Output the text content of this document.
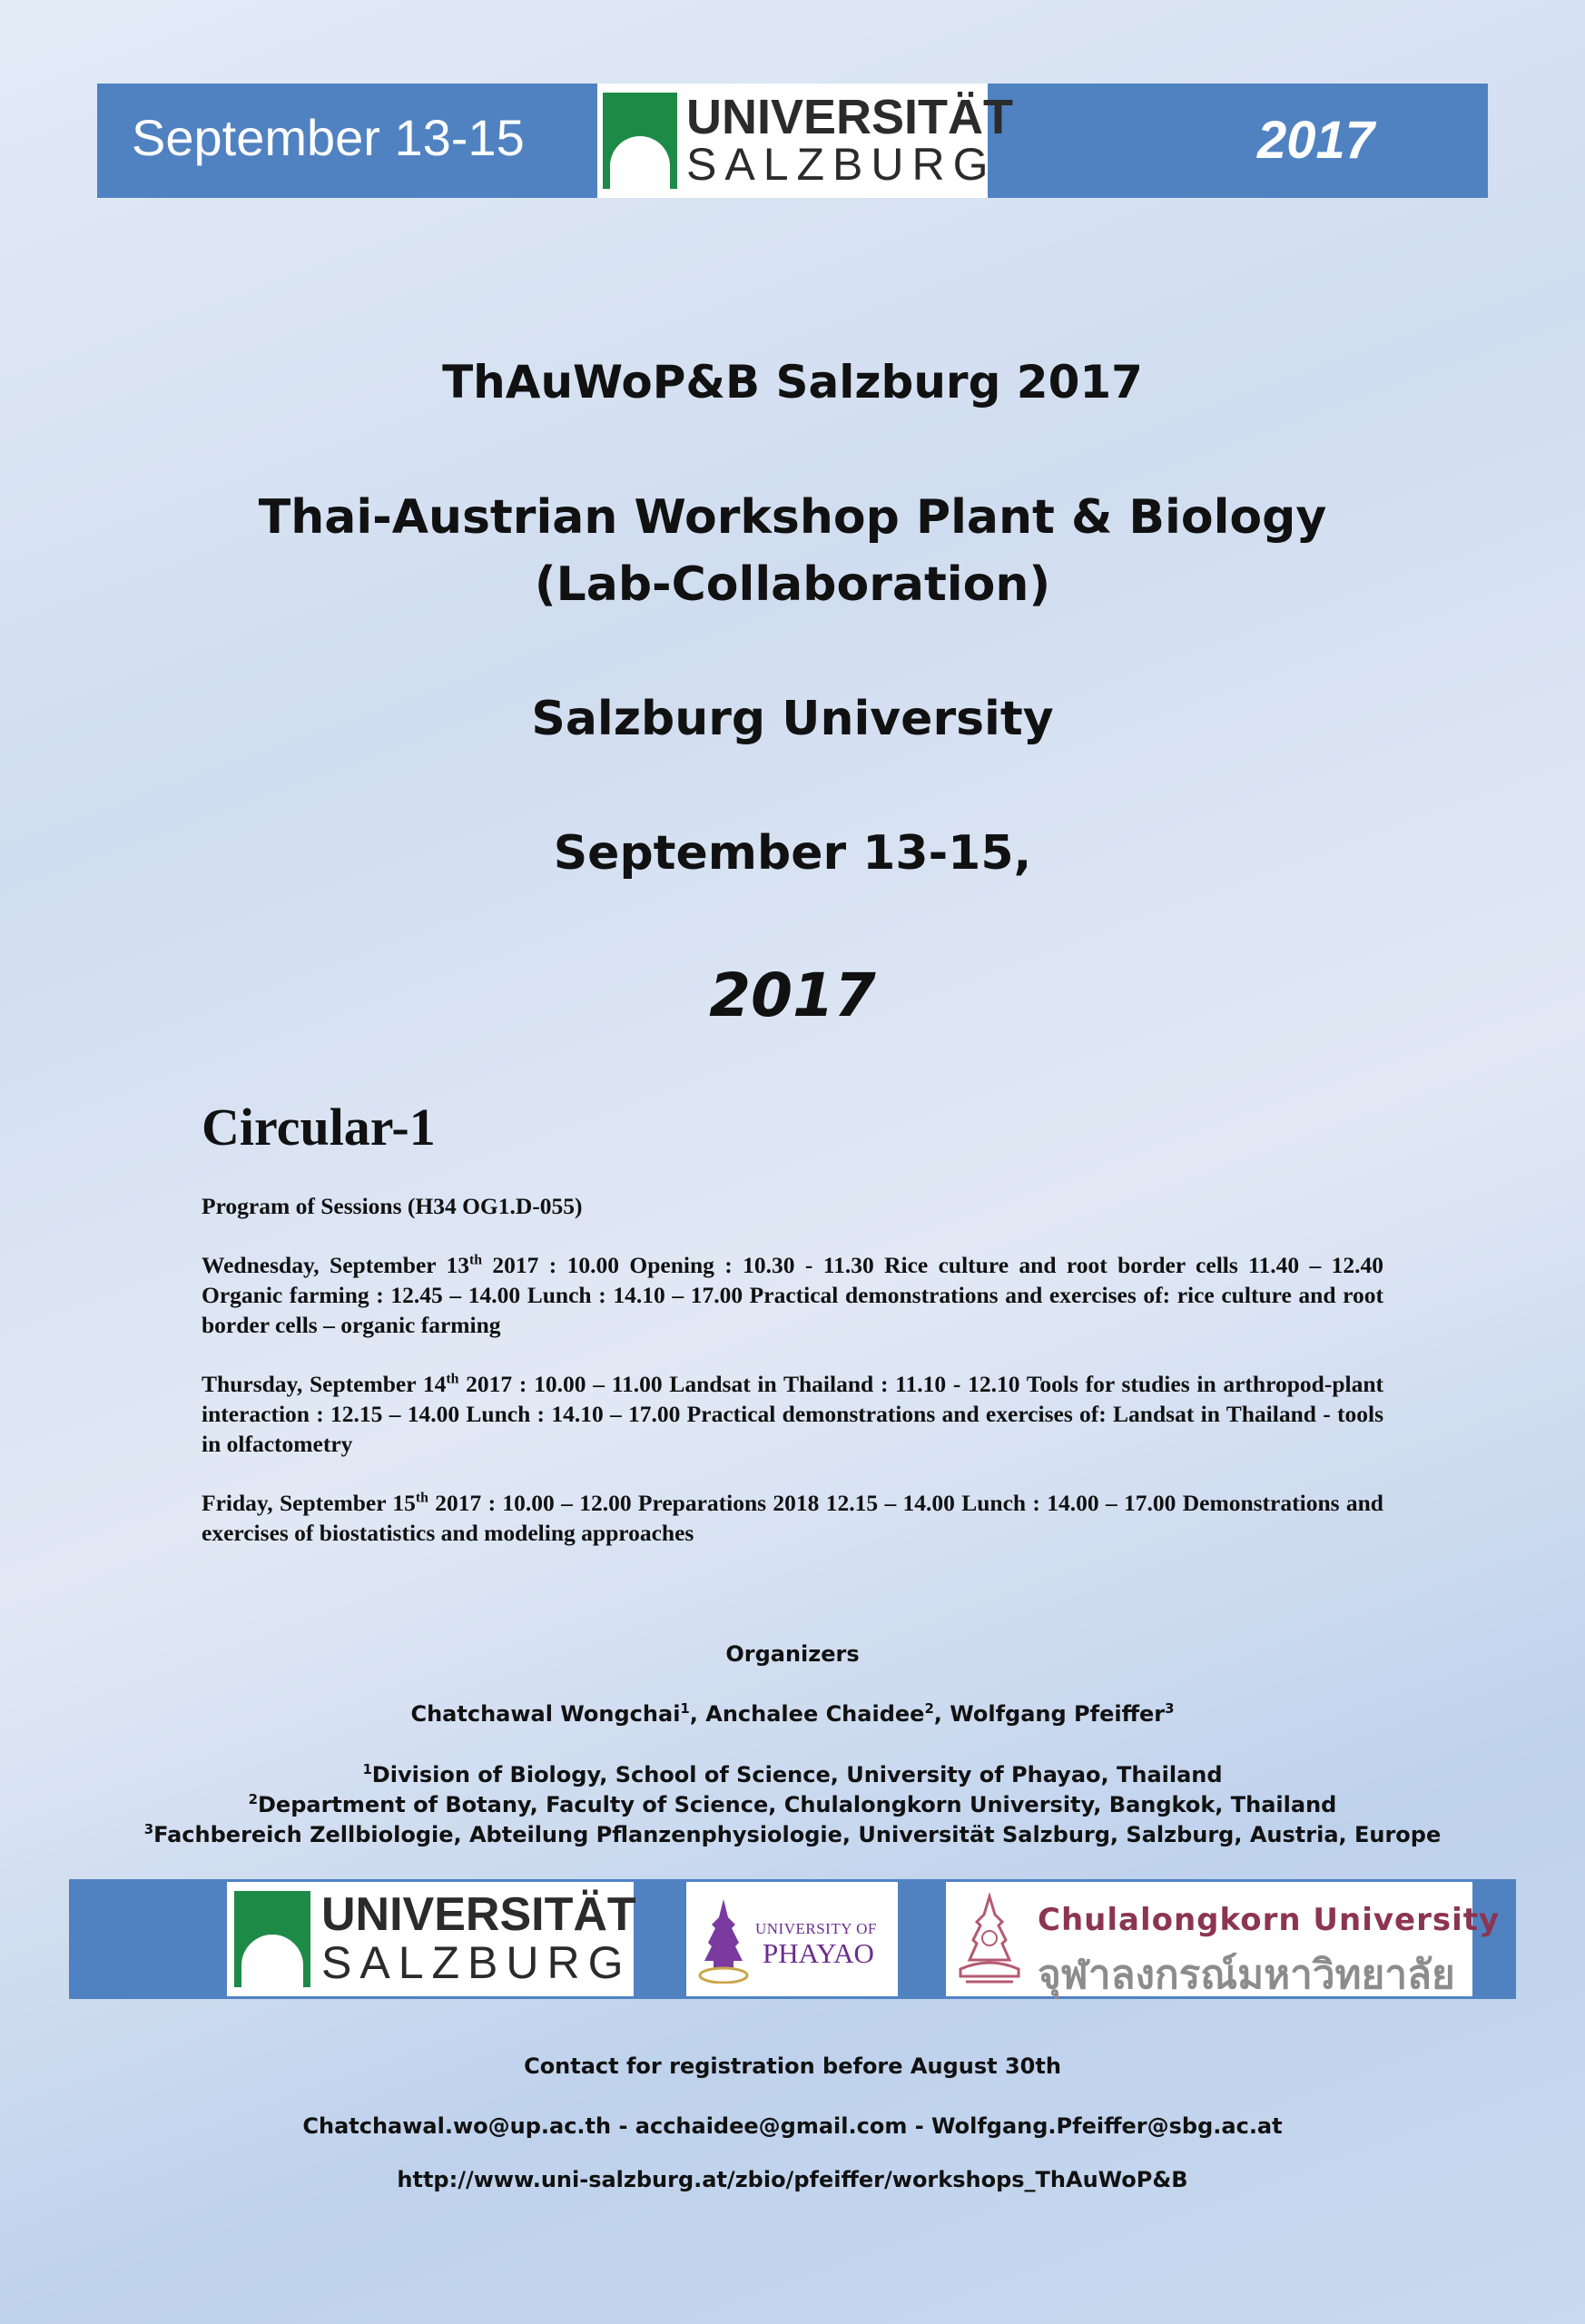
September 13-15	UNIVERSITÄT
SALZBURG	2017
ThAuWoP&B Salzburg 2017
Thai-Austrian Workshop Plant & Biology
(Lab-Collaboration)
Salzburg University
September 13-15,
2017
Circular-1
Program of Sessions (H34 OG1.D-055)
Wednesday, September 13th 2017 : 10.00 Opening : 10.30 - 11.30 Rice culture and root border cells 11.40 – 12.40 Organic farming : 12.45 – 14.00 Lunch : 14.10 – 17.00 Practical demonstrations and exercises of: rice culture and root border cells – organic farming
Thursday, September 14th 2017 : 10.00 – 11.00 Landsat in Thailand : 11.10 - 12.10 Tools for studies in arthropod-plant interaction : 12.15 – 14.00 Lunch : 14.10 – 17.00 Practical demonstrations and exercises of: Landsat in Thailand - tools in olfactometry
Friday, September 15th 2017 : 10.00 – 12.00 Preparations 2018 12.15 – 14.00 Lunch : 14.00 – 17.00 Demonstrations and exercises of biostatistics and modeling approaches
Organizers
Chatchawal Wongchai$^1$, Anchalee Chaidee$^2$, Wolfgang Pfeiffer$^3$
$^1$Division of Biology, School of Science, University of Phayao, Thailand
$^2$Department of Botany, Faculty of Science, Chulalongkorn University, Bangkok, Thailand
$^3$Fachbereich Zellbiologie, Abteilung Pflanzenphysiologie, Universität Salzburg, Salzburg, Austria, Europe
UNIVERSITÄT
SALZBURG
UNIVERSITY OF
PHAYAO
Chulalongkorn University
จุฬาลงกรณ์มหาวิทยาลัย
Contact for registration before August 30th
Chatchawal.wo@up.ac.th - acchaidee@gmail.com - Wolfgang.Pfeiffer@sbg.ac.at
http://www.uni-salzburg.at/zbio/pfeiffer/workshops_ThAuWoP&B
